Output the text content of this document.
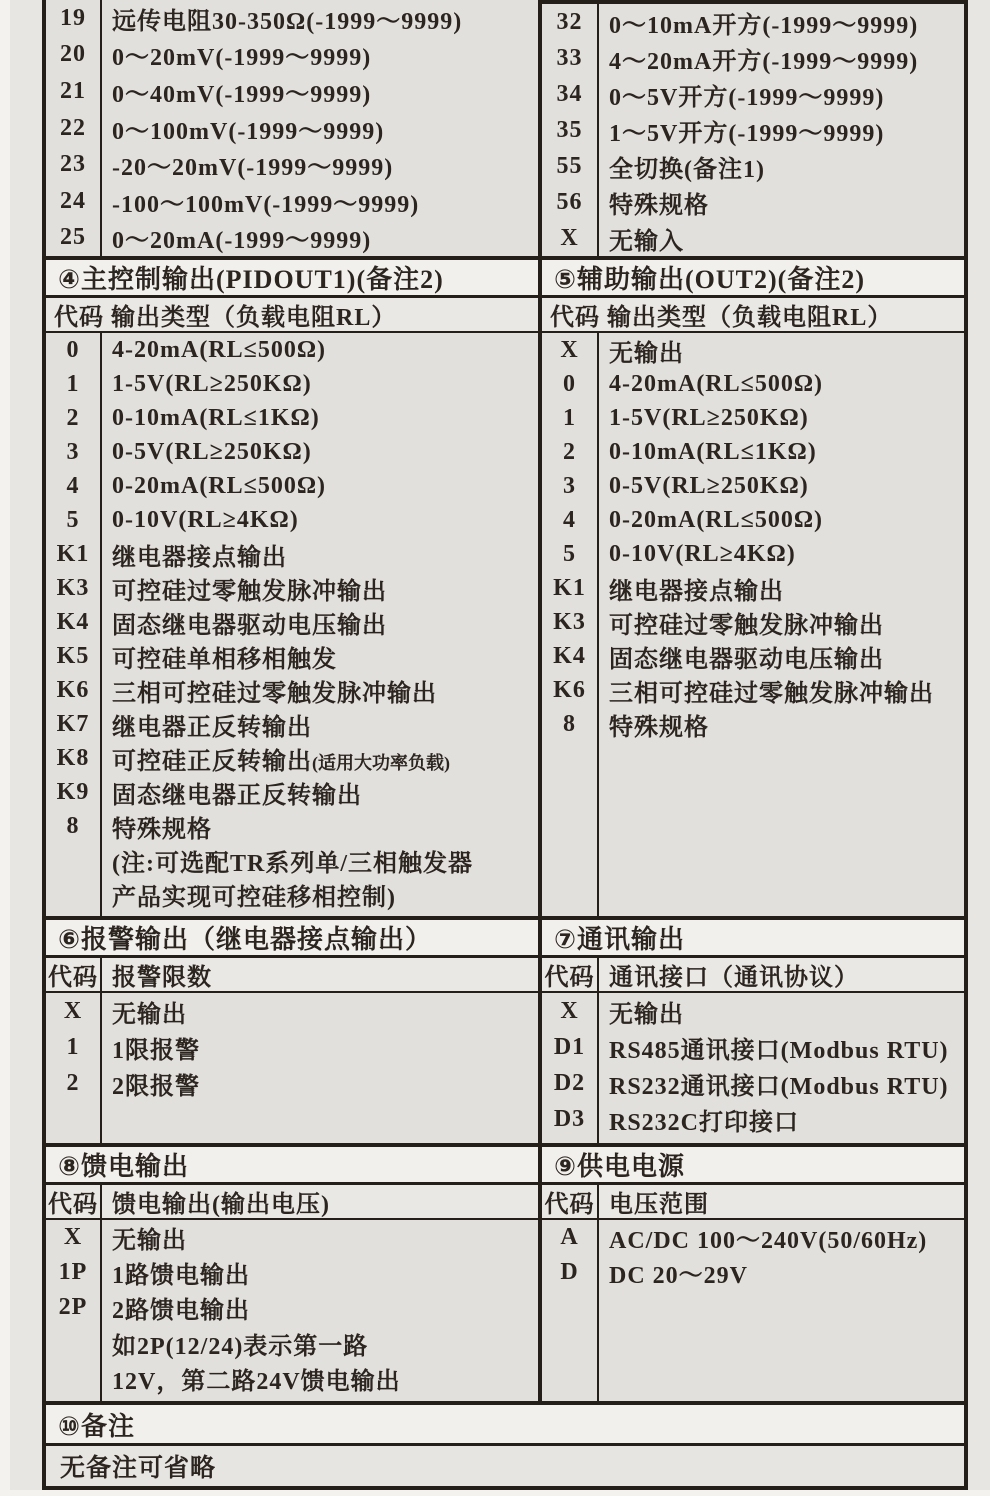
19	远传电阻30-350Ω(-1999～9999)
20	0～20mV(-1999～9999)
21	0～40mV(-1999～9999)
22	0～100mV(-1999～9999)
23	-20～20mV(-1999～9999)
24	-100～100mV(-1999～9999)
25	0～20mA(-1999～9999)
32	0～10mA开方(-1999～9999)
33	4～20mA开方(-1999～9999)
34	0～5V开方(-1999～9999)
35	1～5V开方(-1999～9999)
55	全切换(备注1)
56	特殊规格
X	无输入
④主控制输出(PIDOUT1)(备注2)
代码 输出类型（负载电阻RL）
0	4-20mA(RL≤500Ω)
1	1-5V(RL≥250KΩ)
2	0-10mA(RL≤1KΩ)
3	0-5V(RL≥250KΩ)
4	0-20mA(RL≤500Ω)
5	0-10V(RL≥4KΩ)
K1 继电器接点输出
K3 可控硅过零触发脉冲输出
K4 固态继电器驱动电压输出
K5 可控硅单相移相触发
K6 三相可控硅过零触发脉冲输出
K7 继电器正反转输出
K8 可控硅正反转输出(适用大功率负载)
K9 固态继电器正反转输出
8	特殊规格
(注:可选配TR系列单/三相触发器
产品实现可控硅移相控制)
⑤辅助输出(OUT2)(备注2)
代码 输出类型（负载电阻RL）
X	无输出
0	4-20mA(RL≤500Ω)
1	1-5V(RL≥250KΩ)
2	0-10mA(RL≤1KΩ)
3	0-5V(RL≥250KΩ)
4	0-20mA(RL≤500Ω)
5	0-10V(RL≥4KΩ)
K1 继电器接点输出
K3 可控硅过零触发脉冲输出
K4 固态继电器驱动电压输出
K6 三相可控硅过零触发脉冲输出
8	特殊规格
⑥报警输出（继电器接点输出）
代码 报警限数
X	无输出
1	1限报警
2	2限报警
⑦通讯输出
代码 通讯接口（通讯协议）
X	无输出
D1 RS485通讯接口(Modbus RTU)
D2 RS232通讯接口(Modbus RTU)
D3 RS232C打印接口
⑧馈电输出
代码 馈电输出(输出电压)
X	无输出
1P	1路馈电输出
2P	2路馈电输出
如2P(12/24)表示第一路
12V，第二路24V馈电输出
⑨供电电源
代码 电压范围
A	AC/DC 100～240V(50/60Hz)
D	DC 20～29V
⑩备注
无备注可省略
